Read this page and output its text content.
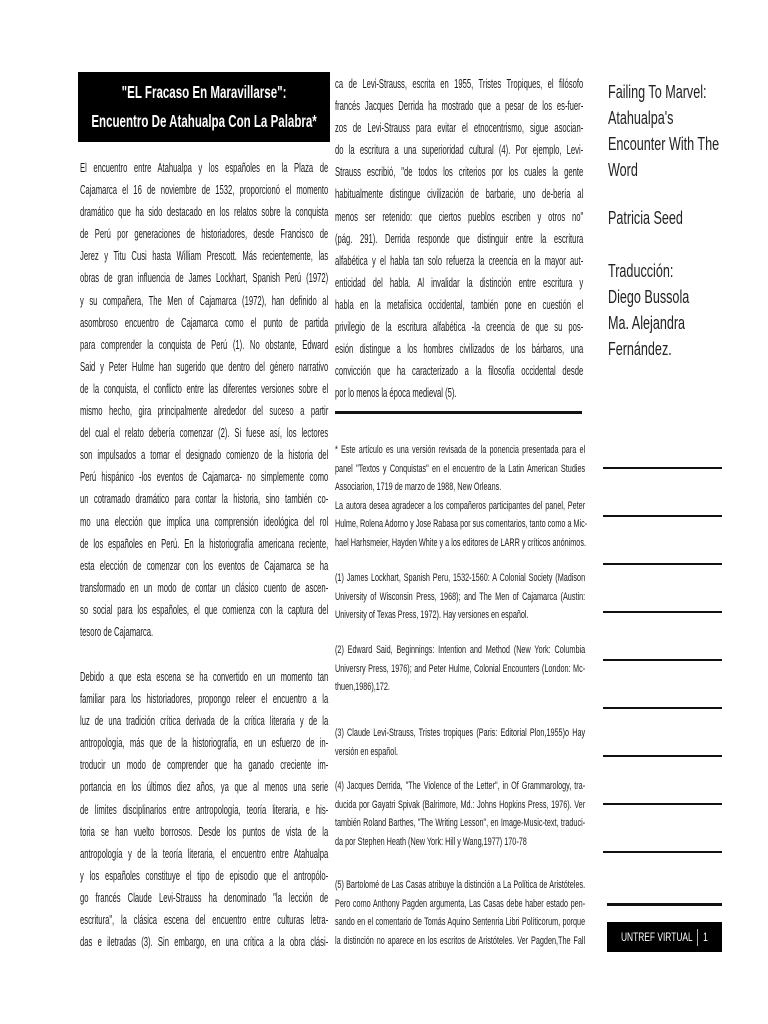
"EL Fracaso En Maravillarse":
Encuentro De Atahualpa Con La Palabra*
El encuentro entre Atahualpa y los españoles en la Plaza de
Cajamarca el 16 de noviembre de 1532, proporcionó el momento
dramático que ha sido destacado en los relatos sobre la conquista
de Perú por generaciones de historiadores, desde Francisco de
Jerez y Titu Cusi hasta William Prescott. Más recientemente, las
obras de gran influencia de James Lockhart, Spanish Perú (1972)
y su compañera, The Men of Cajamarca (1972), han definido al
asombroso encuentro de Cajamarca como el punto de partida
para comprender la conquista de Perú (1). No obstante, Edward
Said y Peter Hulme han sugerido que dentro del género narrativo
de la conquista, el conflicto entre las diferentes versiones sobre el
mismo hecho, gira principalmente alrededor del suceso a partir
del cual el relato debería comenzar (2). Si fuese así, los lectores
son impulsados a tomar el designado comienzo de la historia del
Perú hispánico -los eventos de Cajamarca- no simplemente como
un cotramado dramático para contar la historia, sino también co-
mo una elección que implica una comprensión ideológica del rol
de los españoles en Perú. En la historiografía americana reciente,
esta elección de comenzar con los eventos de Cajamarca se ha
transformado en un modo de contar un clásico cuento de ascen-
so social para los españoles, el que comienza con la captura del
tesoro de Cajamarca.
Debido a que esta escena se ha convertido en un momento tan
familiar para los historiadores, propongo releer el encuentro a la
luz de una tradición crítica derivada de la crítica literaria y de la
antropología, más que de la historiografía, en un esfuerzo de in-
troducir un modo de comprender que ha ganado creciente im-
portancia en los últimos diez años, ya que al menos una serie
de límites disciplinarios entre antropología, teoría literaria, e his-
toria se han vuelto borrosos. Desde los puntos de vista de la
antropología y de la teoría literaria, el encuentro entre Atahualpa
y los españoles constituye el tipo de episodio que el antropólo-
go francés Claude Levi-Strauss ha denominado "la lección de
escritura", la clásica escena del encuentro entre culturas letra-
das e iletradas (3). Sin embargo, en una crítica a la obra clási-
ca de Levi-Strauss, escrita en 1955, Tristes Tropiques, el filósofo
francés Jacques Derrida ha mostrado que a pesar de los es-fuer-
zos de Levi-Strauss para evitar el etnocentrismo, sigue asocian-
do la escritura a una superioridad cultural (4). Por ejemplo, Levi-
Strauss escribió, "de todos los criterios por los cuales la gente
habitualmente distingue civilización de barbarie, uno de-bería al
menos ser retenido: que ciertos pueblos escriben y otros no"
(pág. 291). Derrida responde que distinguir entre la escritura
alfabética y el habla tan solo refuerza la creencia en la mayor aut-
enticidad del habla. Al invalidar la distinción entre escritura y
habla en la metafísica occidental, también pone en cuestión el
privilegio de la escritura alfabética -la creencia de que su pos-
esión distingue a los hombres civilizados de los bárbaros, una
convicción que ha caracterizado a la filosofía occidental desde
por lo menos la época medieval (5).
* Este artículo es una versión revisada de la ponencia presentada para el
panel "Textos y Conquistas" en el encuentro de la Latin American Studies
Associarion, 1719 de marzo de 1988, New Orleans.
La autora desea agradecer a los compañeros participantes del panel, Peter
Hulme, Rolena Adorno y Jose Rabasa por sus comentarios, tanto como a Mic-
hael Harhsmeier, Hayden White y a los editores de LARR y críticos anónimos.
(1) James Lockhart, Spanish Peru, 1532-1560: A Colonial Society (Madison
University of Wisconsin Press, 1968); and The Men of Cajamarca (Austin:
University of Texas Press, 1972). Hay versiones en español.
(2) Edward Said, Beginnings: Intention and Method (New York: Columbia
Universry Press, 1976); and Peter Hulme, Colonial Encounters (London: Mc-
thuen,1986),172.
(3) Claude Levi-Strauss, Tristes tropiques (Paris: Editorial Plon,1955)o Hay
versión en español.
(4) Jacques Derrida, "The Violence of the Letter", in Of Grammarology, tra-
ducida por Gayatri Spivak (Balrimore, Md.: Johns Hopkins Press, 1976). Ver
también Roland Barthes, "The Writing Lesson", en Image-Music-text, traduci-
da por Stephen Heath (New York: Hill y Wang,1977) 170-78
(5) Bartolomé de Las Casas atribuye la distinción a La Política de Aristóteles.
Pero como Anthony Pagden argumenta, Las Casas debe haber estado pen-
sando en el comentario de Tomás Aquino Sentenria Libri Políticorum, porque
la distinción no aparece en los escritos de Aristóteles. Ver Pagden,The Fall
Failing To Marvel:
Atahualpa's
Encounter With The
Word
Patricia Seed
Traducción:
Diego Bussola
Ma. Alejandra
Fernández.
UNTREF VIRTUAL 1
